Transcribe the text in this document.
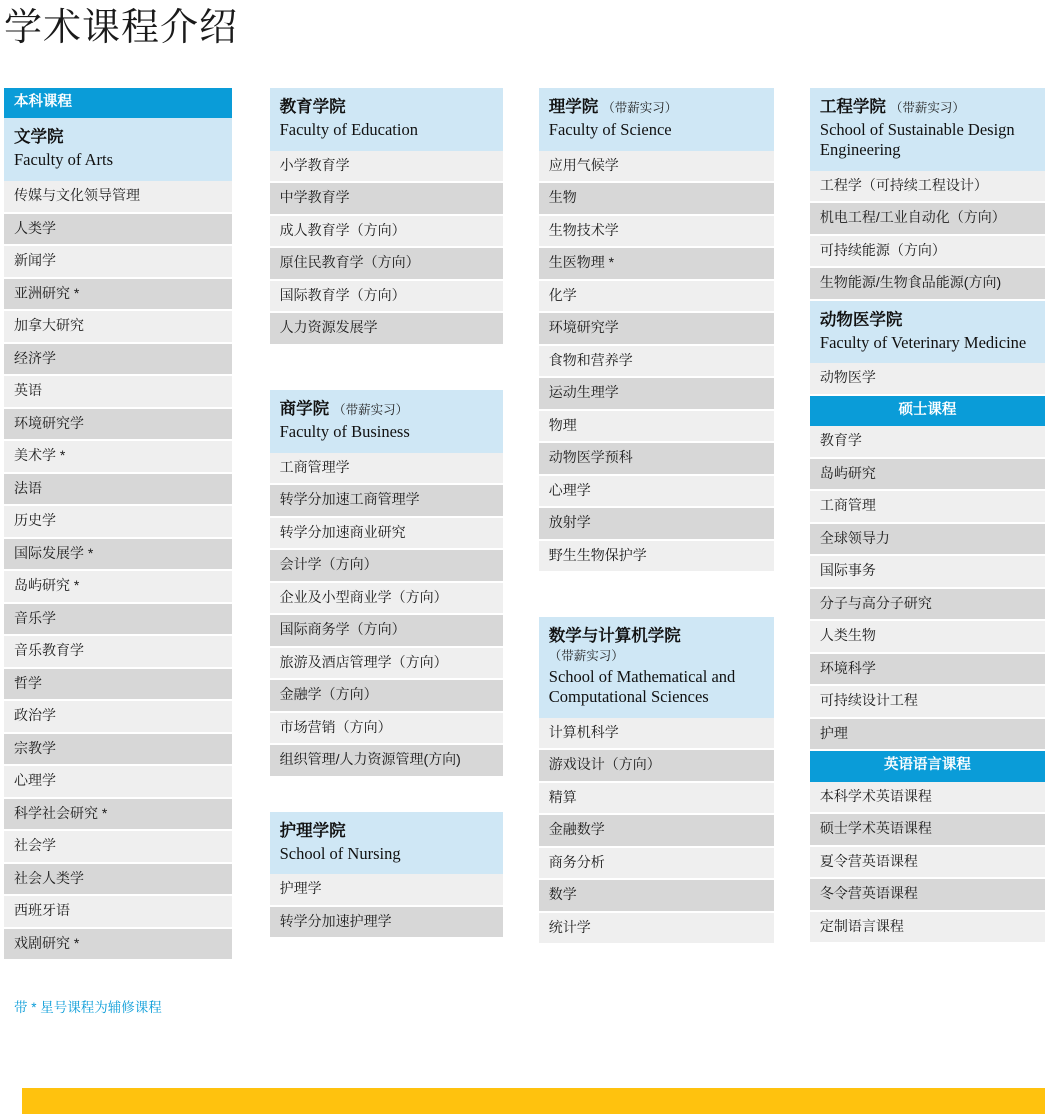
学术课程介绍
本科课程
文学院
Faculty of Arts
传媒与文化领导管理
人类学
新闻学
亚洲研究 *
加拿大研究
经济学
英语
环境研究学
美术学 *
法语
历史学
国际发展学 *
岛屿研究 *
音乐学
音乐教育学
哲学
政治学
宗教学
心理学
科学社会研究 *
社会学
社会人类学
西班牙语
戏剧研究 *
教育学院
Faculty of Education
小学教育学
中学教育学
成人教育学（方向）
原住民教育学（方向）
国际教育学（方向）
人力资源发展学
商学院 （带薪实习）
Faculty of Business
工商管理学
转学分加速工商管理学
转学分加速商业研究
会计学（方向）
企业及小型商业学（方向）
国际商务学（方向）
旅游及酒店管理学（方向）
金融学（方向）
市场营销（方向）
组织管理/人力资源管理(方向)
护理学院
School of Nursing
护理学
转学分加速护理学
理学院 （带薪实习）
Faculty of Science
应用气候学
生物
生物技术学
生医物理 *
化学
环境研究学
食物和营养学
运动生理学
物理
动物医学预科
心理学
放射学
野生生物保护学
数学与计算机学院
（带薪实习）
School of Mathematical and Computational Sciences
计算机科学
游戏设计（方向）
精算
金融数学
商务分析
数学
统计学
工程学院 （带薪实习）
School of Sustainable Design Engineering
工程学（可持续工程设计）
机电工程/工业自动化（方向）
可持续能源（方向）
生物能源/生物食品能源(方向)
动物医学院
Faculty of Veterinary Medicine
动物医学
硕士课程
教育学
岛屿研究
工商管理
全球领导力
国际事务
分子与高分子研究
人类生物
环境科学
可持续设计工程
护理
英语语言课程
本科学术英语课程
硕士学术英语课程
夏令营英语课程
冬令营英语课程
定制语言课程
带 * 星号课程为辅修课程
